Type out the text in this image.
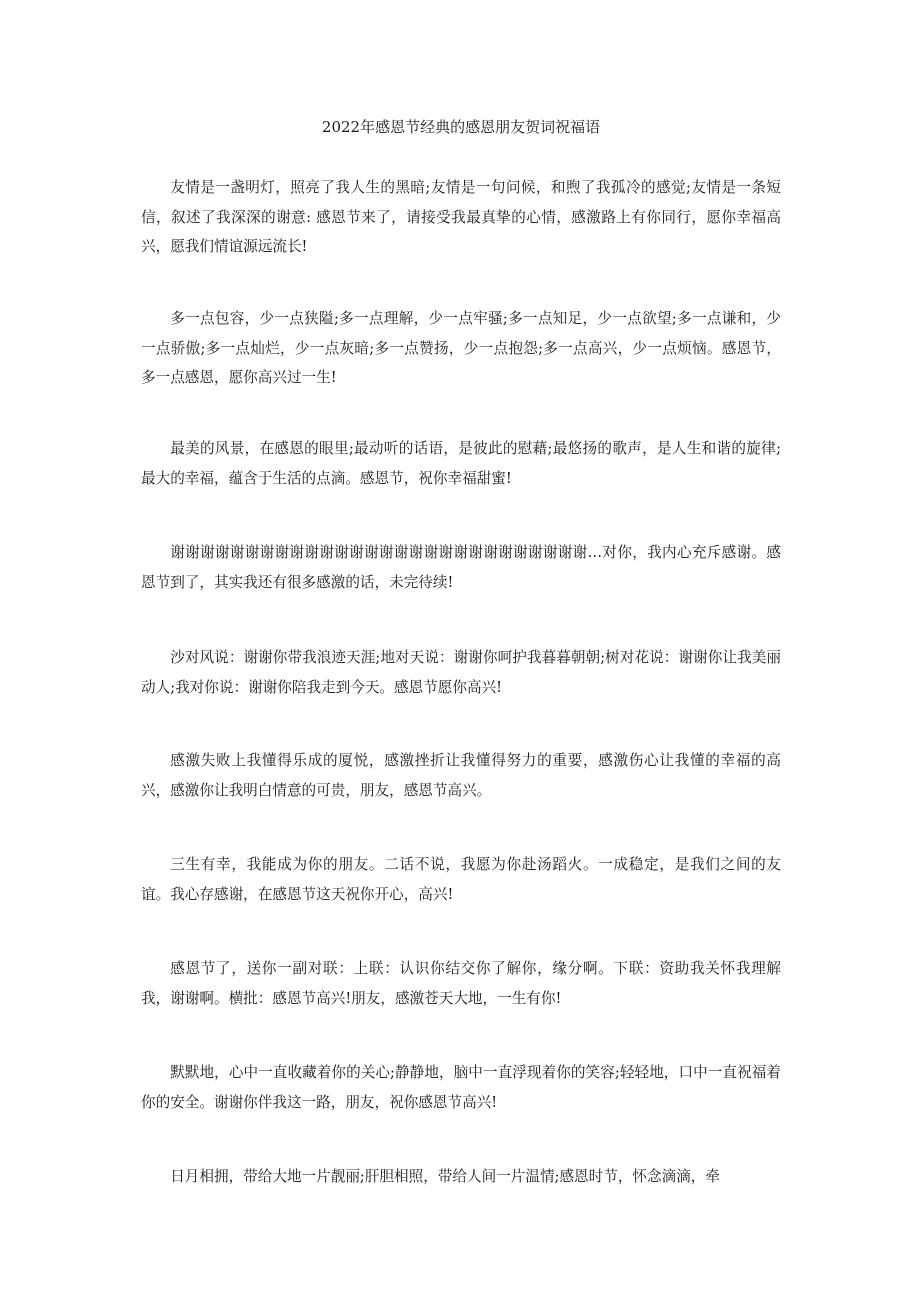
2022年感恩节经典的感恩朋友贺词祝福语

友情是一盏明灯，照亮了我人生的黑暗;友情是一句问候，和煦了我孤冷的感觉;友情是一条短信，叙述了我深深的谢意: 感恩节来了，请接受我最真挚的心情，感激路上有你同行，愿你幸福高兴，愿我们情谊源远流长!

多一点包容，少一点狭隘;多一点理解，少一点牢骚;多一点知足，少一点欲望;多一点谦和，少一点骄傲;多一点灿烂，少一点灰暗;多一点赞扬，少一点抱怨;多一点高兴，少一点烦恼。感恩节，多一点感恩，愿你高兴过一生!

最美的风景，在感恩的眼里;最动听的话语，是彼此的慰藉;最悠扬的歌声，是人生和谐的旋律;最大的幸福，蕴含于生活的点滴。感恩节，祝你幸福甜蜜!

谢谢谢谢谢谢谢谢谢谢谢谢谢谢谢谢谢谢谢谢谢谢谢谢谢谢谢谢…对你，我内心充斥感谢。感恩节到了，其实我还有很多感激的话，未完待续!

沙对风说：谢谢你带我浪迹天涯;地对天说：谢谢你呵护我暮暮朝朝;树对花说：谢谢你让我美丽动人;我对你说：谢谢你陪我走到今天。感恩节愿你高兴!

感激失败上我懂得乐成的厦悦，感激挫折让我懂得努力的重要，感激伤心让我懂的幸福的高兴，感激你让我明白情意的可贵，朋友，感恩节高兴。

三生有幸，我能成为你的朋友。二话不说，我愿为你赴汤蹈火。一成稳定，是我们之间的友谊。我心存感谢，在感恩节这天祝你开心，高兴!

感恩节了，送你一副对联：上联：认识你结交你了解你，缘分啊。下联：资助我关怀我理解我，谢谢啊。横批：感恩节高兴!朋友，感激苍天大地，一生有你!

默默地，心中一直收藏着你的关心;静静地，脑中一直浮现着你的笑容;轻轻地，口中一直祝福着你的安全。谢谢你伴我这一路，朋友，祝你感恩节高兴!

日月相拥，带给大地一片靓丽;肝胆相照，带给人间一片温情;感恩时节，怀念滴滴，牵
